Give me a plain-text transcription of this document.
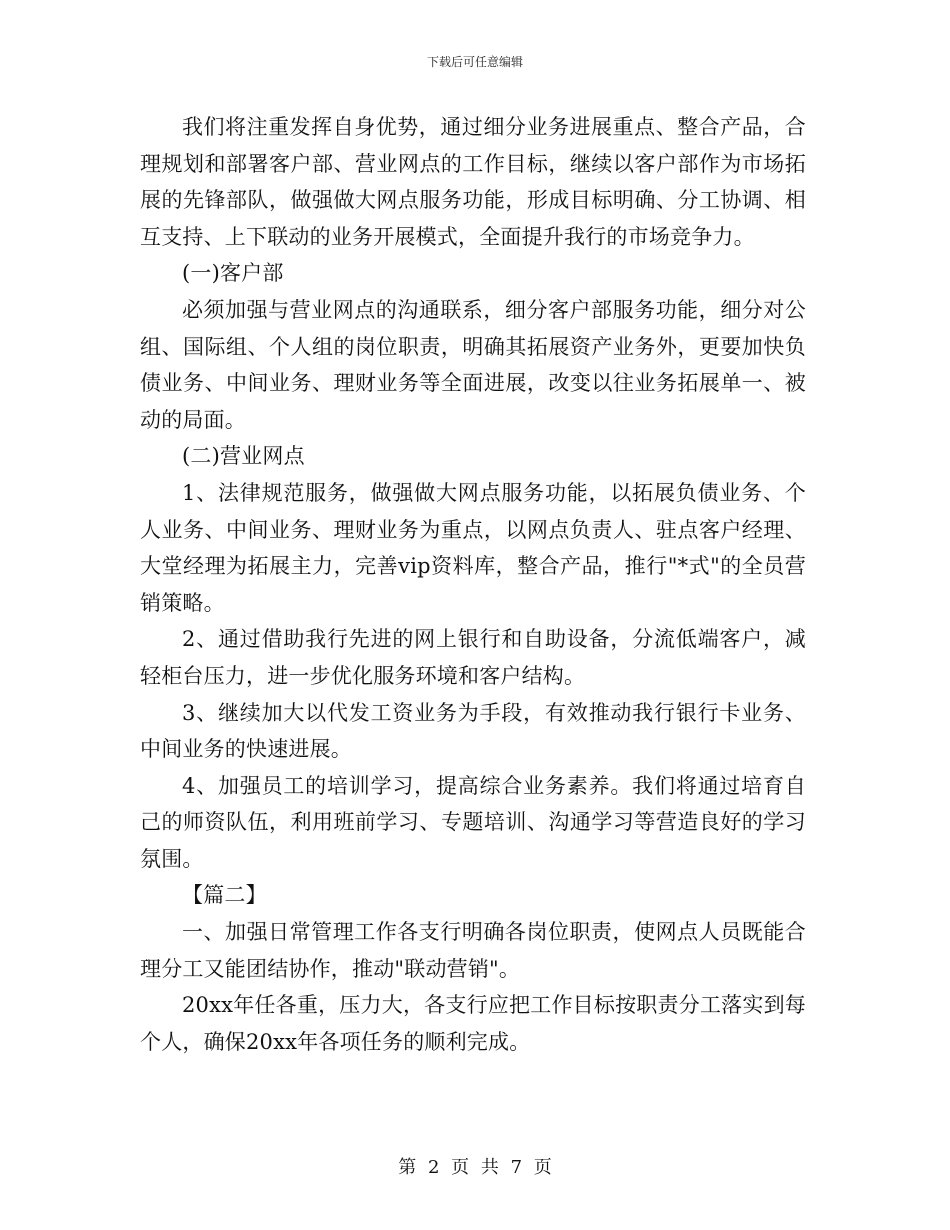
下载后可任意编辑

我们将注重发挥自身优势，通过细分业务进展重点、整合产品，合理规划和部署客户部、营业网点的工作目标，继续以客户部作为市场拓展的先锋部队，做强做大网点服务功能，形成目标明确、分工协调、相互支持、上下联动的业务开展模式，全面提升我行的市场竞争力。

(一)客户部

必须加强与营业网点的沟通联系，细分客户部服务功能，细分对公组、国际组、个人组的岗位职责，明确其拓展资产业务外，更要加快负债业务、中间业务、理财业务等全面进展，改变以往业务拓展单一、被动的局面。

(二)营业网点

1、法律规范服务，做强做大网点服务功能，以拓展负债业务、个人业务、中间业务、理财业务为重点，以网点负责人、驻点客户经理、大堂经理为拓展主力，完善vip资料库，整合产品，推行"*式"的全员营销策略。

2、通过借助我行先进的网上银行和自助设备，分流低端客户，减轻柜台压力，进一步优化服务环境和客户结构。

3、继续加大以代发工资业务为手段，有效推动我行银行卡业务、中间业务的快速进展。

4、加强员工的培训学习，提高综合业务素养。我们将通过培育自己的师资队伍，利用班前学习、专题培训、沟通学习等营造良好的学习氛围。

【篇二】

一、加强日常管理工作各支行明确各岗位职责，使网点人员既能合理分工又能团结协作，推动"联动营销"。

20xx年任各重，压力大，各支行应把工作目标按职责分工落实到每个人，确保20xx年各项任务的顺利完成。

第 2 页 共 7 页
